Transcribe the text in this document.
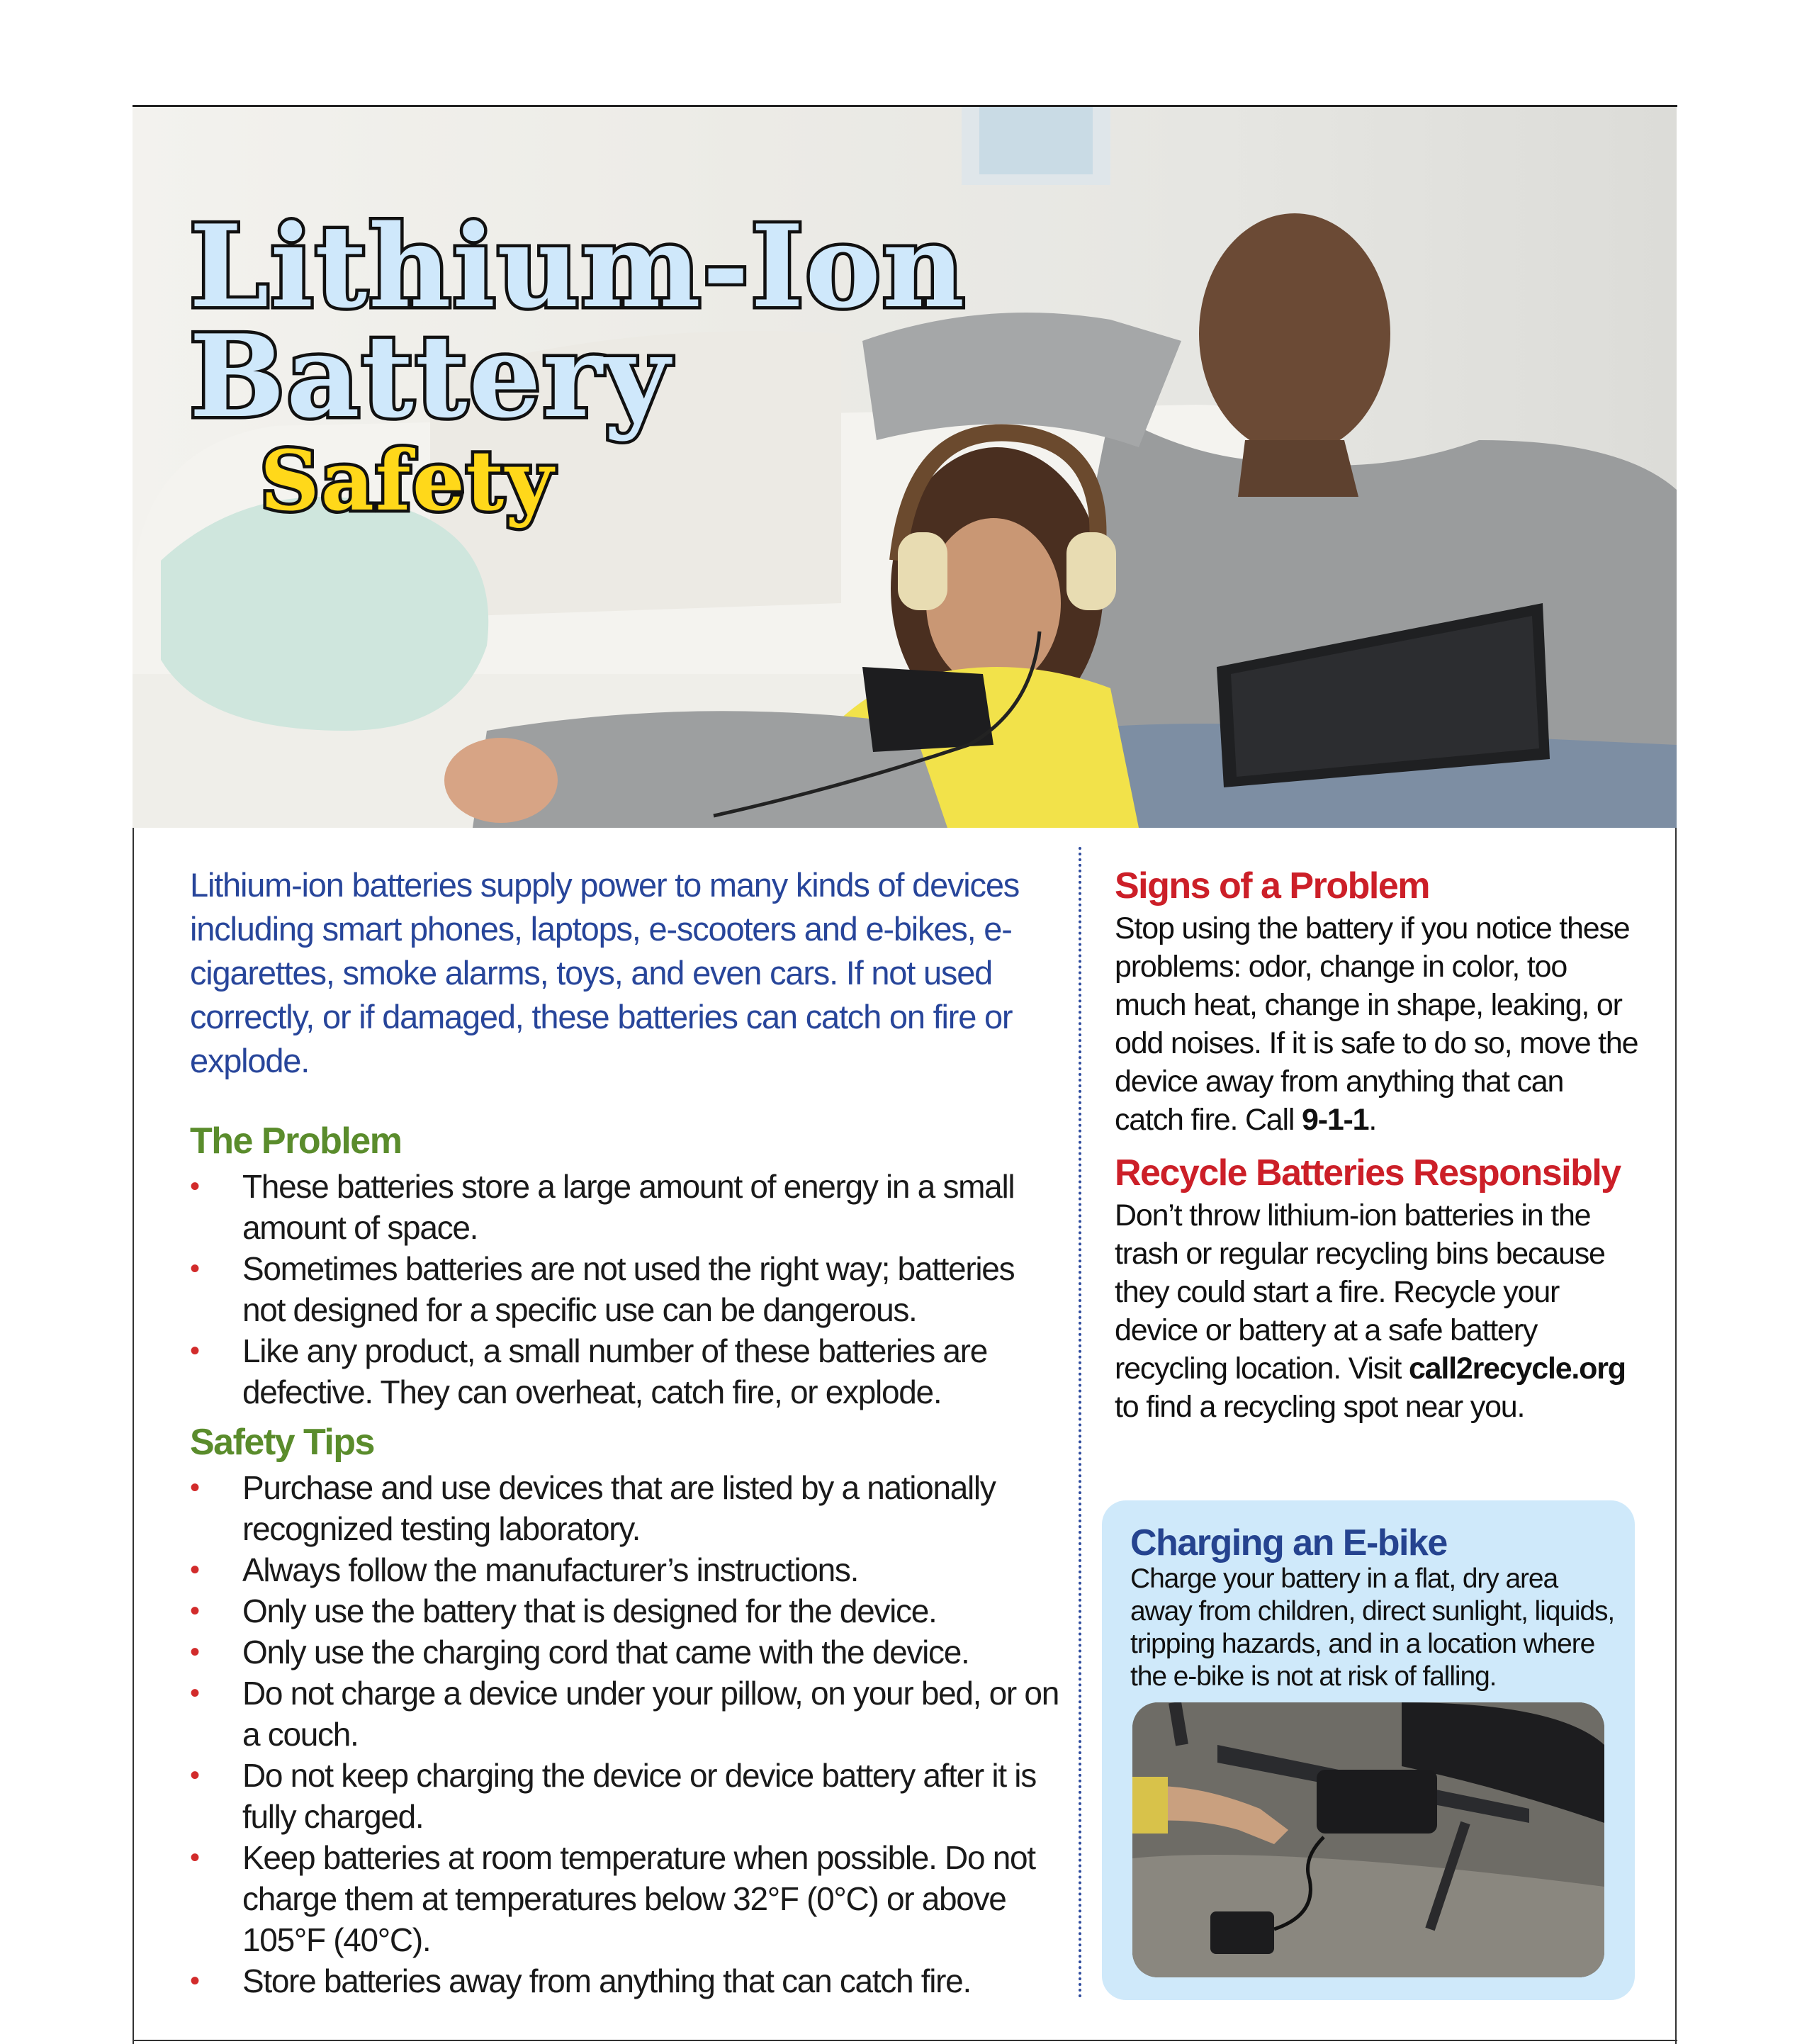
Lithium-Ion
Battery
Safety
Lithium-ion batteries supply power to many kinds of devices including smart phones, laptops, e-scooters and e-bikes, e-cigarettes, smoke alarms, toys, and even cars. If not used correctly, or if damaged, these batteries can catch on fire or explode.
The Problem
• These batteries store a large amount of energy in a small amount of space.
• Sometimes batteries are not used the right way; batteries not designed for a specific use can be dangerous.
• Like any product, a small number of these batteries are defective. They can overheat, catch fire, or explode.
Safety Tips
• Purchase and use devices that are listed by a nationally recognized testing laboratory.
• Always follow the manufacturer’s instructions.
• Only use the battery that is designed for the device.
• Only use the charging cord that came with the device.
• Do not charge a device under your pillow, on your bed, or on a couch.
• Do not keep charging the device or device battery after it is fully charged.
• Keep batteries at room temperature when possible. Do not charge them at temperatures below 32°F (0°C) or above 105°F (40°C).
• Store batteries away from anything that can catch fire.
Signs of a Problem
Stop using the battery if you notice these problems: odor, change in color, too much heat, change in shape, leaking, or odd noises. If it is safe to do so, move the device away from anything that can catch fire. Call 9-1-1.
Recycle Batteries Responsibly
Don’t throw lithium-ion batteries in the trash or regular recycling bins because they could start a fire. Recycle your device or battery at a safe battery recycling location. Visit call2recycle.org to find a recycling spot near you.
Charging an E-bike
Charge your battery in a flat, dry area away from children, direct sunlight, liquids, tripping hazards, and in a location where the e-bike is not at risk of falling.
